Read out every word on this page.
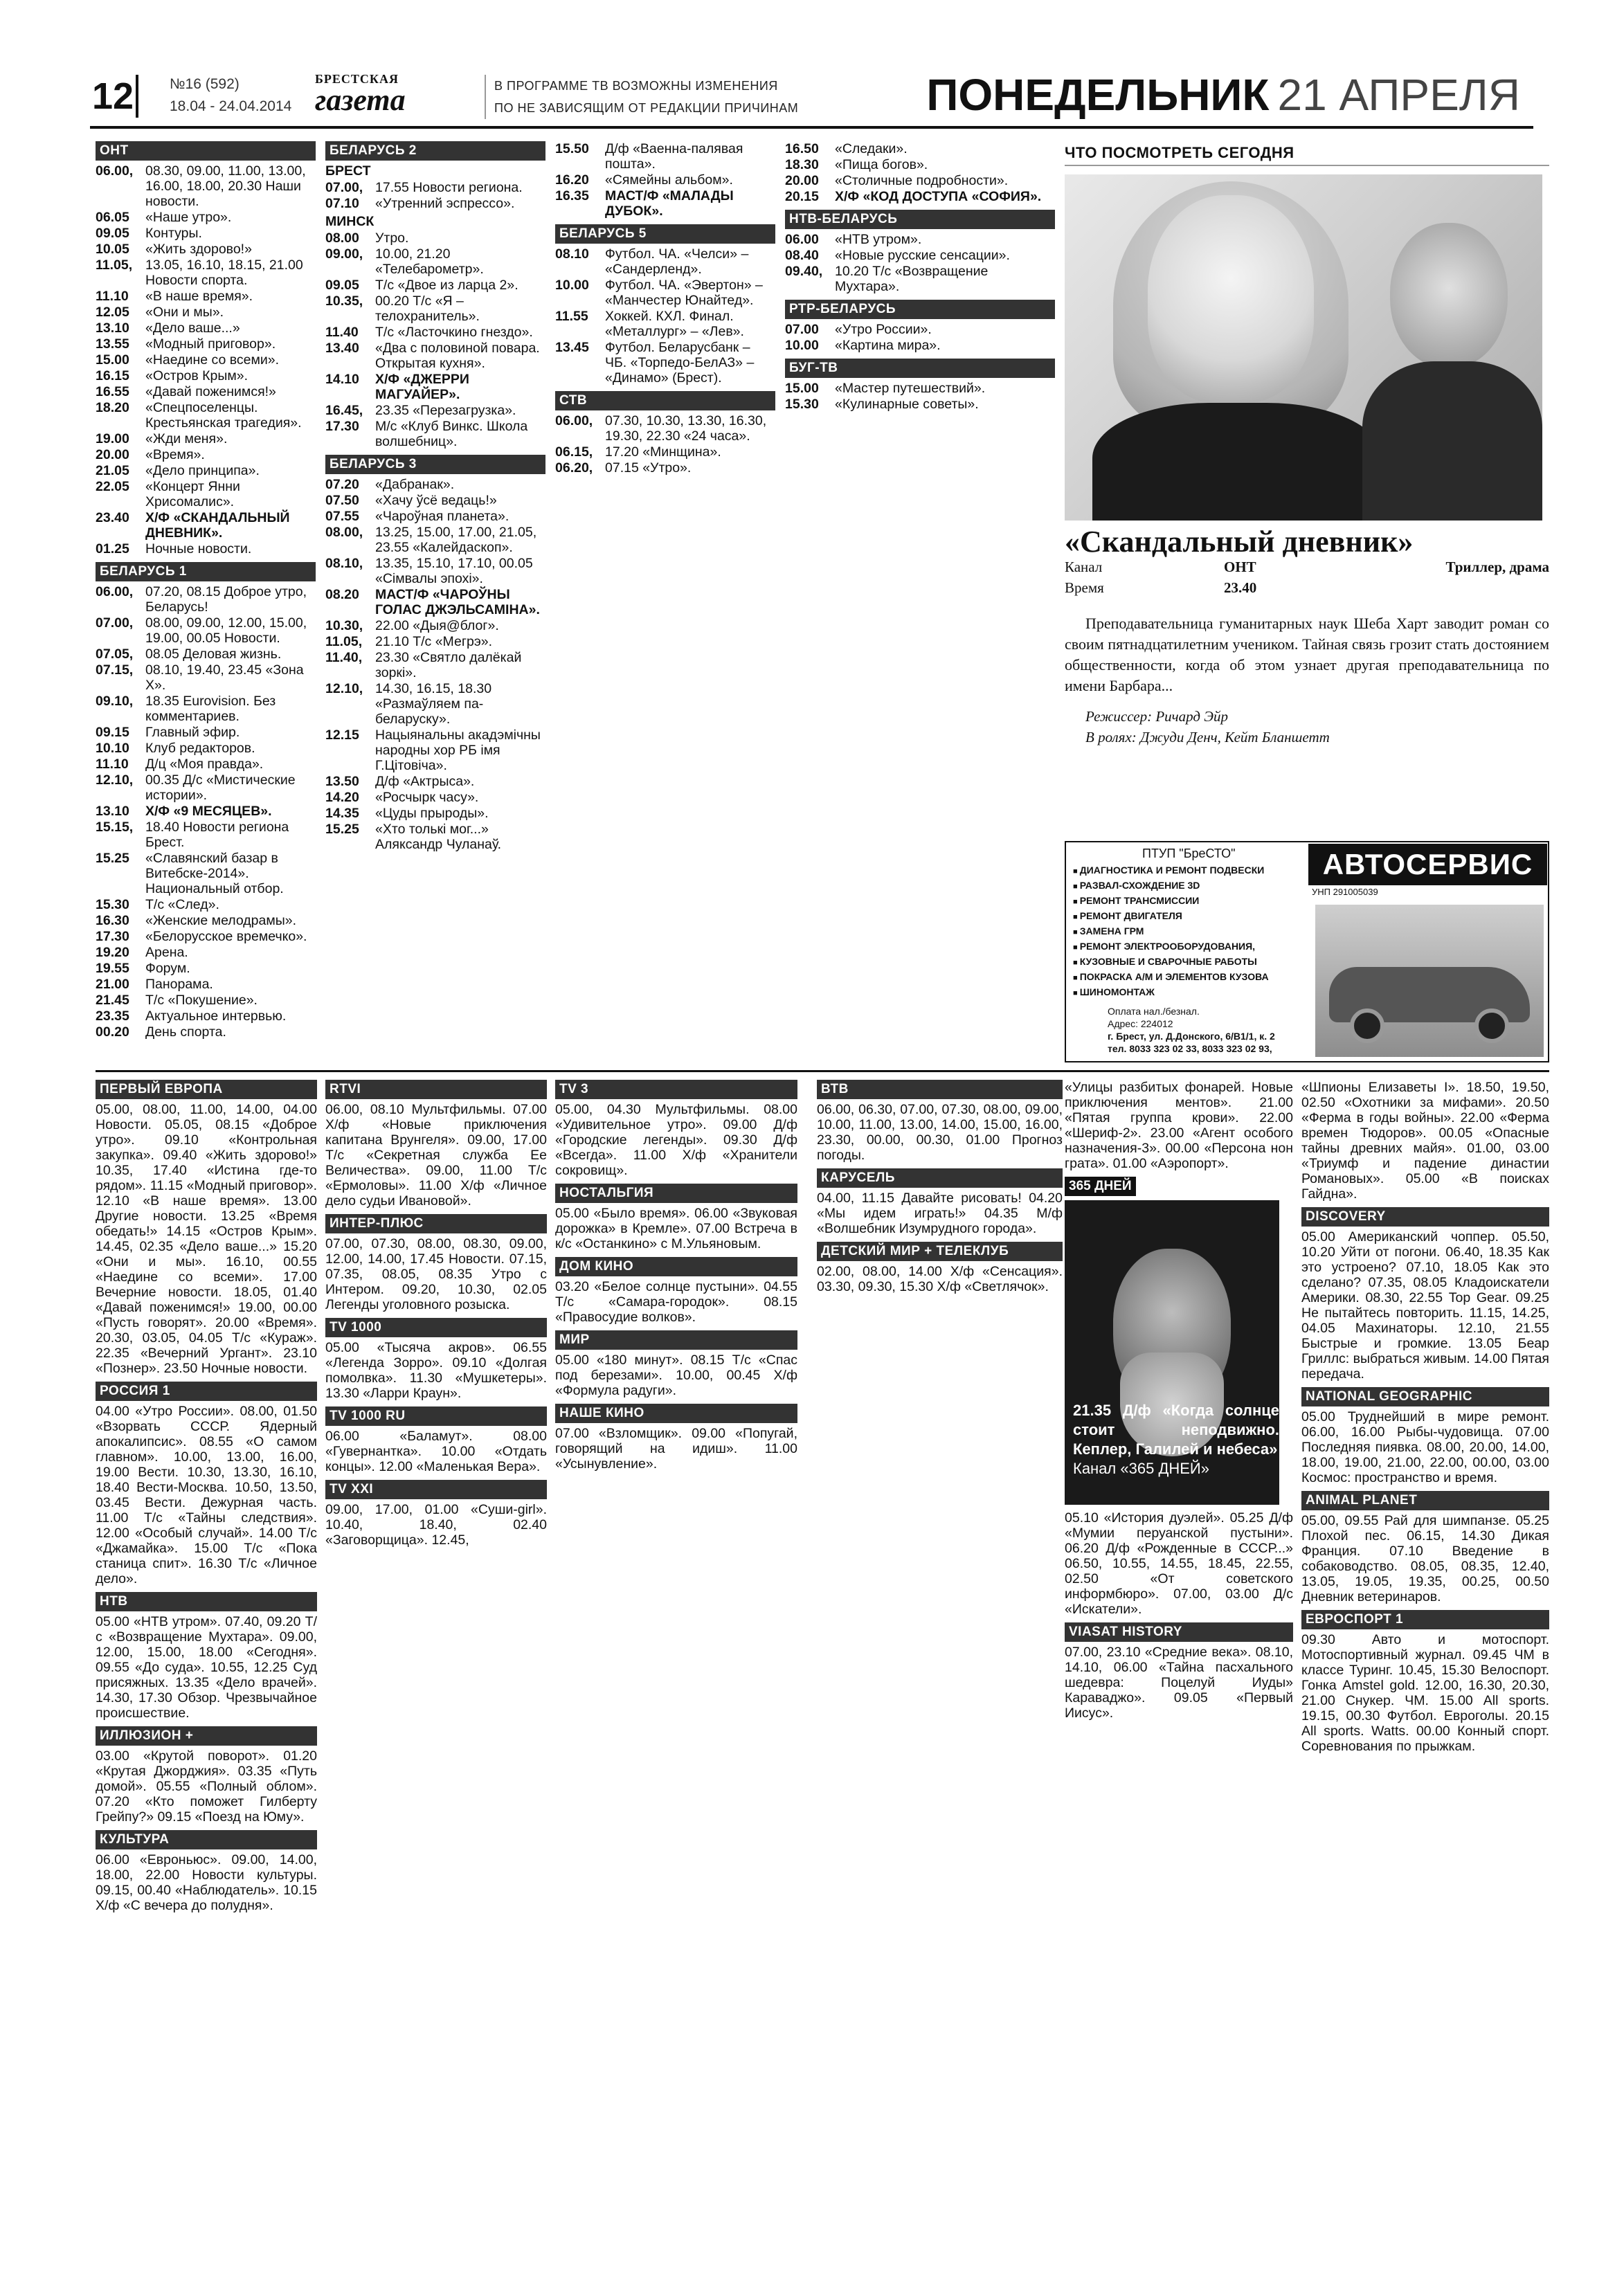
12	№16 (592)
18.04 - 24.04.2014
БРЕСТСКАЯ
газета	В ПРОГРАММЕ ТВ ВОЗМОЖНЫ ИЗМЕНЕНИЯ
ПО НЕ ЗАВИСЯЩИМ ОТ РЕДАКЦИИ ПРИЧИНАМ	ПОНЕДЕЛЬНИК 21 АПРЕЛЯ
ОНТ
06.00, 08.30, 09.00, 11.00, 13.00, 16.00, 18.00, 20.30 Наши новости.
06.05	«Наше утро».
09.05	Контуры.
10.05	«Жить здорово!»
11.05, 13.05, 16.10, 18.15, 21.00 Новости спорта.
11.10	«В наше время».
12.05	«Они и мы».
13.10	«Дело ваше...»
13.55	«Модный приговор».
15.00	«Наедине со всеми».
16.15	«Остров Крым».
16.55	«Давай поженимся!»
18.20	«Спецпоселенцы. Крестьянская трагедия».
19.00	«Жди меня».
20.00	«Время».
21.05	«Дело принципа».
22.05	«Концерт Янни Хрисомалис».
23.40	Х/Ф «СКАНДАЛЬНЫЙ ДНЕВНИК».
01.25	Ночные новости.
БЕЛАРУСЬ 1
06.00, 07.20, 08.15 Доброе утро, Беларусь!
07.00, 08.00, 09.00, 12.00, 15.00, 19.00, 00.05 Новости.
07.05, 08.05 Деловая жизнь.
07.15, 08.10, 19.40, 23.45 «Зона Х».
09.10, 18.35 Eurovision. Без комментариев.
09.15	Главный эфир.
10.10	Клуб редакторов.
11.10	Д/ц «Моя правда».
12.10, 00.35 Д/с «Мистические истории».
13.10	Х/Ф «9 МЕСЯЦЕВ».
15.15, 18.40 Новости региона Брест.
15.25	«Славянский базар в Витебске-2014». Национальный отбор.
15.30	Т/с «След».
16.30	«Женские мелодрамы».
17.30	«Белорусское времечко».
19.20	Арена.
19.55	Форум.
21.00	Панорама.
21.45	Т/с «Покушение».
23.35	Актуальное интервью.
00.20	День спорта.
БЕЛАРУСЬ 2
БРЕСТ
07.00, 17.55 Новости региона.
07.10	«Утренний эспрессо».
МИНСК
08.00	Утро.
09.00, 10.00, 21.20 «Телебарометр».
09.05	Т/с «Двое из ларца 2».
10.35, 00.20 Т/с «Я – телохранитель».
11.40	Т/с «Ласточкино гнездо».
13.40	«Два с половиной повара. Открытая кухня».
14.10	Х/Ф «ДЖЕРРИ МАГУАЙЕР».
16.45, 23.35 «Перезагрузка».
17.30	М/с «Клуб Винкс. Школа волшебниц».
БЕЛАРУСЬ 3
07.20	«Дабранак».
07.50	«Хачу ўсё ведаць!»
07.55	«Чароўная планета».
08.00, 13.25, 15.00, 17.00, 21.05, 23.55 «Калейдаскоп».
08.10, 13.35, 15.10, 17.10, 00.05 «Сімвалы эпохі».
08.20	МАСТ/Ф «ЧАРОЎНЫ ГОЛАС ДЖЭЛЬСАМІНА».
10.30, 22.00 «Дыя@блог».
11.05, 21.10 Т/с «Мегрэ».
11.40, 23.30 «Святло далёкай зоркі».
12.10, 14.30, 16.15, 18.30 «Размаўляем па-беларуску».
12.15	Нацыянальны акадэмічны народны хор РБ імя Г.Цітовіча».
13.50	Д/ф «Актрыса».
14.20	«Росчырк часу».
14.35	«Цуды прыроды».
15.25	«Хто толькі мог...» Аляксандр Чуланаў.
15.50	Д/ф «Ваенна-палявая пошта».
16.20	«Сямейны альбом».
16.35	МАСТ/Ф «МАЛАДЫ ДУБОК».
БЕЛАРУСЬ 5
08.10	Футбол. ЧА. «Челси» – «Сандерленд».
10.00	Футбол. ЧА. «Эвертон» – «Манчестер Юнайтед».
11.55	Хоккей. КХЛ. Финал. «Металлург» – «Лев».
13.45	Футбол. Беларусбанк – ЧБ. «Торпедо-БелАЗ» – «Динамо» (Брест).
СТВ
06.00, 07.30, 10.30, 13.30, 16.30, 19.30, 22.30 «24 часа».
06.15, 17.20 «Минщина».
06.20, 07.15 «Утро».
16.50	«Следаки».
18.30	«Пища богов».
20.00	«Столичные подробности».
20.15	Х/Ф «КОД ДОСТУПА «СОФИЯ».
НТВ-БЕЛАРУСЬ
06.00	«НТВ утром».
08.40	«Новые русские сенсации».
09.40, 10.20 Т/с «Возвращение Мухтара».
РТР-БЕЛАРУСЬ
07.00	«Утро России».
10.00	«Картина мира».
БУГ-ТВ
15.00	«Мастер путешествий».
15.30	«Кулинарные советы».
ЧТО ПОСМОТРЕТЬ СЕГОДНЯ
«Скандальный дневник»
Канал	ОНТ	Триллер, драма
Время	23.40
Преподавательница гуманитарных наук Шеба Харт заводит роман со своим пятнадцатилетним учеником. Тайная связь грозит стать достоянием общественности, когда об этом узнает другая преподавательница по имени Барбара...
Режиссер: Ричард Эйр
В ролях: Джуди Денч, Кейт Бланшетт
ПТУП "БреСТО"	АВТОСЕРВИС
УНП 291005039
■ ДИАГНОСТИКА И РЕМОНТ ПОДВЕСКИ
■ РАЗВАЛ-СХОЖДЕНИЕ 3D
■ РЕМОНТ ТРАНСМИССИИ
■ РЕМОНТ ДВИГАТЕЛЯ
■ ЗАМЕНА ГРМ
■ РЕМОНТ ЭЛЕКТРООБОРУДОВАНИЯ,
■ КУЗОВНЫЕ И СВАРОЧНЫЕ РАБОТЫ
■ ПОКРАСКА А/М И ЭЛЕМЕНТОВ КУЗОВА
■ ШИНОМОНТАЖ
Оплата нал./безнал.
Адрес: 224012
г. Брест, ул. Д.Донского, 6/В1/1, к. 2
тел. 8033 323 02 33, 8033 323 02 93,
ПЕРВЫЙ ЕВРОПА

05.00, 08.00, 11.00, 14.00, 04.00 Новости. 05.05, 08.15 «Доброе утро». 09.10 «Контрольная закупка». 09.40 «Жить здорово!» 10.35, 17.40 «Истина где-то рядом». 11.15 «Модный приговор». 12.10 «В наше время». 13.00 Другие новости. 13.25 «Время обедать!» 14.15 «Остров Крым». 14.45, 02.35 «Дело ваше...» 15.20 «Они и мы». 16.10, 00.55 «Наедине со всеми». 17.00 Вечерние новости. 18.05, 01.40 «Давай поженимся!» 19.00, 00.00 «Пусть говорят». 20.00 «Время». 20.30, 03.05, 04.05 Т/с «Кураж». 22.35 «Вечерний Ургант». 23.10 «Познер». 23.50 Ночные новости.

РОССИЯ 1

04.00 «Утро России». 08.00, 01.50 «Взорвать СССР. Ядерный апокалипсис». 08.55 «О самом главном». 10.00, 13.00, 16.00, 19.00 Вести. 10.30, 13.30, 16.10, 18.40 Вести-Москва. 10.50, 13.50, 03.45 Вести. Дежурная часть. 11.00 Т/с «Тайны следствия». 12.00 «Особый случай». 14.00 Т/с «Джамайка». 15.00 Т/с «Пока станица спит». 16.30 Т/с «Личное дело».

НТВ

05.00 «НТВ утром». 07.40, 09.20 Т/с «Возвращение Мухтара». 09.00, 12.00, 15.00, 18.00 «Сегодня». 09.55 «До суда». 10.55, 12.25 Суд присяжных. 13.35 «Дело врачей». 14.30, 17.30 Обзор. Чрезвычайное происшествие.

ИЛЛЮЗИОН +

03.00 «Крутой поворот». 01.20 «Крутая Джорджия». 03.35 «Путь домой». 05.55 «Полный облом». 07.20 «Кто поможет Гилберту Грейпу?» 09.15 «Поезд на Юму».

КУЛЬТУРА

06.00 «Евроньюс». 09.00, 14.00, 18.00, 22.00 Новости культуры. 09.15, 00.40 «Наблюдатель». 10.15 Х/ф «С вечера до полудня».

RTVI

06.00, 08.10 Мультфильмы. 07.00 Х/ф «Новые приключения капитана Врунгеля». 09.00, 17.00 Т/с «Секретная служба Ее Величества». 09.00, 11.00 Т/с «Ермоловы». 11.00 Х/ф «Личное дело судьи Ивановой».

ИНТЕР-ПЛЮС

07.00, 07.30, 08.00, 08.30, 09.00, 12.00, 14.00, 17.45 Новости. 07.15, 07.35, 08.05, 08.35 Утро с Интером. 09.20, 10.30, 02.05 Легенды уголовного розыска.

TV 1000

05.00 «Тысяча акров». 06.55 «Легенда Зорро». 09.10 «Долгая помолвка». 11.30 «Мушкетеры». 13.30 «Ларри Краун».

TV 1000 RU

06.00 «Баламут». 08.00 «Гувернантка». 10.00 «Отдать концы». 12.00 «Маленькая Вера».

TV XXI

09.00, 17.00, 01.00 «Суши-girl». 10.40, 18.40, 02.40 «Заговорщица». 12.45,

TV 3

05.00, 04.30 Мультфильмы. 08.00 «Удивительное утро». 09.00 Д/ф «Городские легенды». 09.30 Д/ф «Всегда». 11.00 Х/ф «Хранители сокровищ».

НОСТАЛЬГИЯ

05.00 «Было время». 06.00 «Звуковая дорожка» в Кремле». 07.00 Встреча в к/с «Останкино» с М.Ульяновым.

ДОМ КИНО

03.20 «Белое солнце пустыни». 04.55 Т/с «Самара-городок». 08.15 «Правосудие волков».

МИР

05.00 «180 минут». 08.15 Т/с «Спас под березами». 10.00, 00.45 Х/ф «Формула радуги».

НАШЕ КИНО

07.00 «Взломщик». 09.00 «Попугай, говорящий на идиш». 11.00 «Усынувление».

ВТВ

06.00, 06.30, 07.00, 07.30, 08.00, 09.00, 10.00, 11.00, 13.00, 14.00, 15.00, 16.00, 23.30, 00.00, 00.30, 01.00 Прогноз погоды.

КАРУСЕЛЬ

04.00, 11.15 Давайте рисовать! 04.20 «Мы идем играть!» 04.35 М/ф «Волшебник Изумрудного города».

ДЕТСКИЙ МИР + ТЕЛЕКЛУБ

02.00, 08.00, 14.00 Х/ф «Сенсация». 03.30, 09.30, 15.30 Х/ф «Светлячок».

«Улицы разбитых фонарей. Новые приключения ментов». 21.00 «Пятая группа крови». 22.00 «Шериф-2». 23.00 «Агент особого назначения-3». 00.00 «Персона нон грата». 01.00 «Аэропорт».

365 ДНЕЙ
21.35 Д/ф «Когда солнце стоит неподвижно. Кеплер, Галилей и небеса»
Канал «365 ДНЕЙ»

05.10 «История дуэлей». 05.25 Д/ф «Мумии перуанской пустыни». 06.20 Д/ф «Рожденные в СССР...» 06.50, 10.55, 14.55, 18.45, 22.55, 02.50 «От советского информбюро». 07.00, 03.00 Д/с «Искатели».

VIASAT HISTORY

07.00, 23.10 «Средние века». 08.10, 14.10, 06.00 «Тайна пасхального шедевра: Поцелуй Иуды» Караваджо». 09.05 «Первый Иисус».

«Шпионы Елизаветы I». 18.50, 19.50, 02.50 «Охотники за мифами». 20.50 «Ферма в годы войны». 22.00 «Ферма времен Тюдоров». 00.05 «Опасные тайны древних майя». 01.00, 03.00 «Триумф и падение династии Романовых». 05.00 «В поисках Гайдна».

DISCOVERY

05.00 Американский чоппер. 05.50, 10.20 Уйти от погони. 06.40, 18.35 Как это устроено? 07.10, 18.05 Как это сделано? 07.35, 08.05 Кладоискатели Америки. 08.30, 22.55 Top Gear. 09.25 Не пытайтесь повторить. 11.15, 14.25, 04.05 Махинаторы. 12.10, 21.55 Быстрые и громкие. 13.05 Беар Гриллс: выбраться живым. 14.00 Пятая передача.

NATIONAL GEOGRAPHIC

05.00 Труднейший в мире ремонт. 06.00, 16.00 Рыбы-чудовища. 07.00 Последняя пиявка. 08.00, 20.00, 14.00, 18.00, 19.00, 21.00, 22.00, 00.00, 03.00 Космос: пространство и время.

ANIMAL PLANET

05.00, 09.55 Рай для шимпанзе. 05.25 Плохой пес. 06.15, 14.30 Дикая Франция. 07.10 Введение в собаководство. 08.05, 08.35, 12.40, 13.05, 19.05, 19.35, 00.25, 00.50 Дневник ветеринаров.

ЕВРОСПОРТ 1

09.30 Авто и мотоспорт. Мотоспортивный журнал. 09.45 ЧМ в классе Туринг. 10.45, 15.30 Велоспорт. Гонка Amstel gold. 12.00, 16.30, 20.30, 21.00 Снукер. ЧМ. 15.00 All sports. 19.15, 00.30 Футбол. Евроголы. 20.15 All sports. Watts. 00.00 Конный спорт. Соревнования по прыжкам.
